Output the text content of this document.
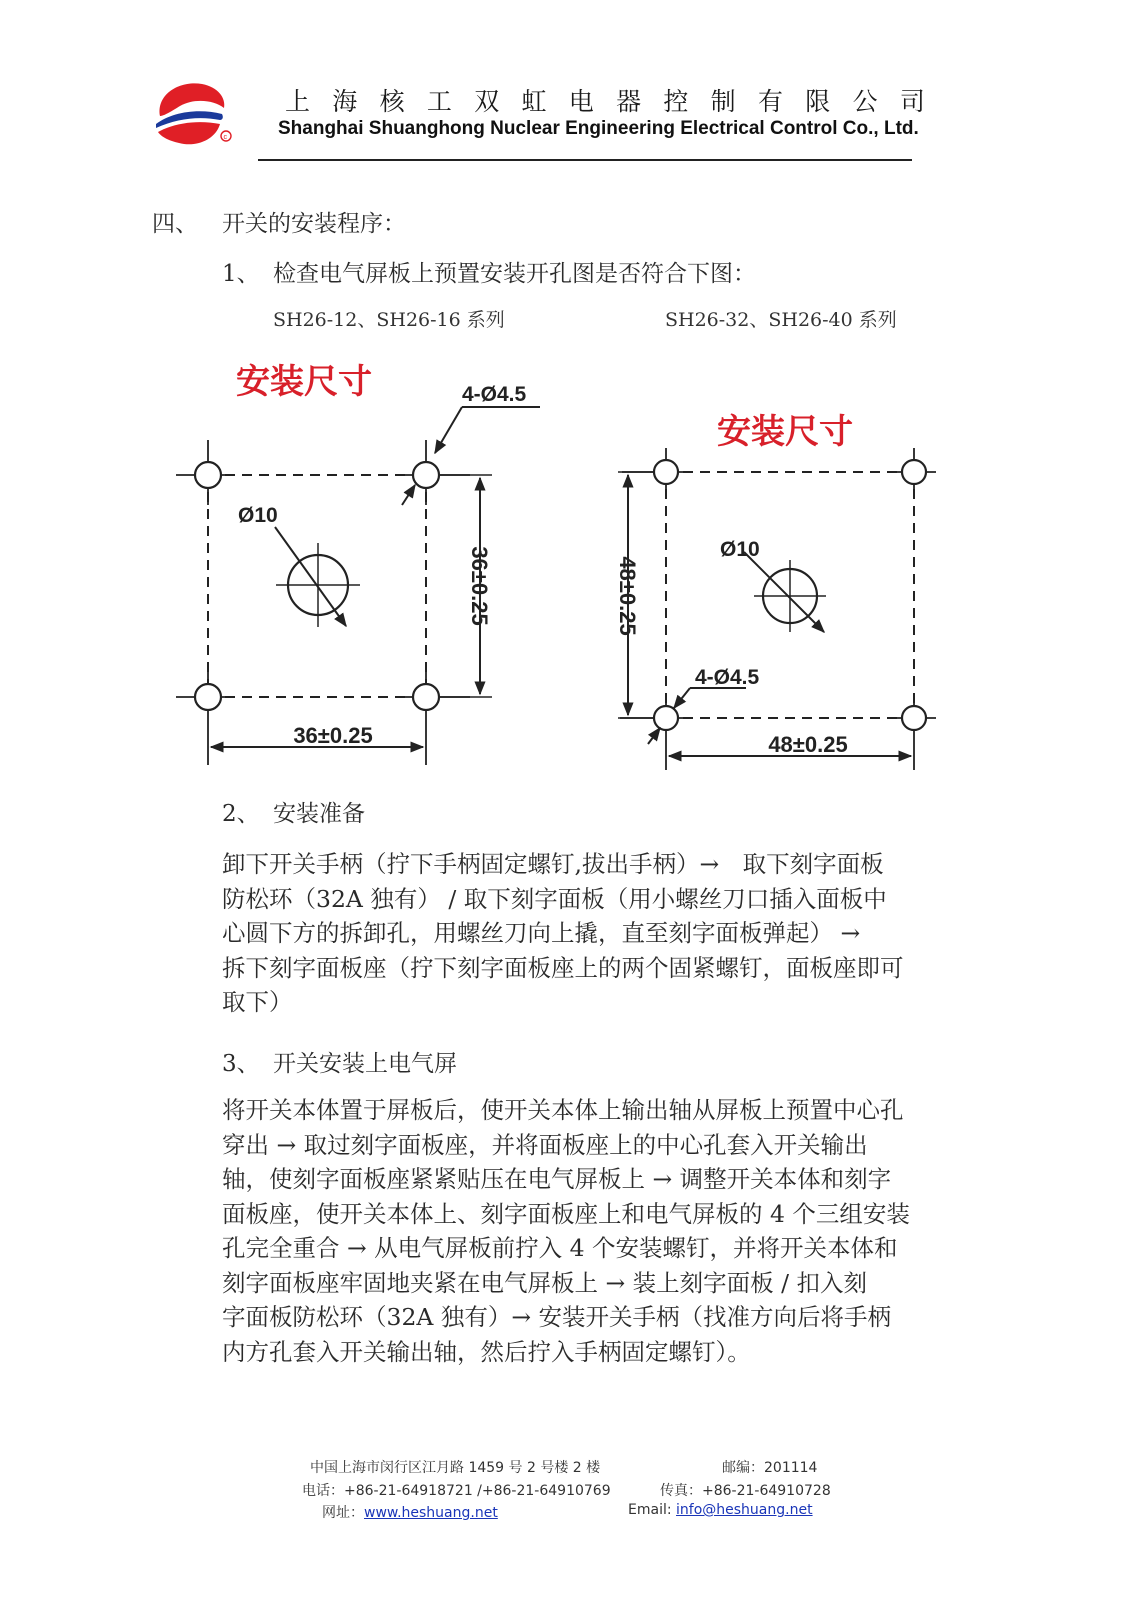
c
上 海 核 工 双 虹 电 器 控 制 有 限 公 司
Shanghai Shuanghong Nuclear Engineering Electrical Control Co., Ltd.
四、 开关的安装程序：
1、 检查电气屏板上预置安装开孔图是否符合下图：
SH26-12、SH26-16 系列	SH26-32、SH26-40 系列
安装尺寸
Ø10
4-Ø4.5
36±0.25
36±0.25
安装尺寸
Ø10
4-Ø4.5
48±0.25
48±0.25
2、 安装准备
卸下开关手柄（拧下手柄固定螺钉,拔出手柄）→　取下刻字面板
防松环（32A 独有） / 取下刻字面板（用小螺丝刀口插入面板中
心圆下方的拆卸孔，用螺丝刀向上撬，直至刻字面板弹起） →
拆下刻字面板座（拧下刻字面板座上的两个固紧螺钉，面板座即可
取下）
3、 开关安装上电气屏
将开关本体置于屏板后，使开关本体上输出轴从屏板上预置中心孔
穿出 → 取过刻字面板座，并将面板座上的中心孔套入开关输出
轴，使刻字面板座紧紧贴压在电气屏板上 → 调整开关本体和刻字
面板座，使开关本体上、刻字面板座上和电气屏板的 4 个三组安装
孔完全重合 → 从电气屏板前拧入 4 个安装螺钉，并将开关本体和
刻字面板座牢固地夹紧在电气屏板上 → 装上刻字面板 / 扣入刻
字面板防松环（32A 独有）→ 安装开关手柄（找准方向后将手柄
内方孔套入开关输出轴，然后拧入手柄固定螺钉）。
中国上海市闵行区江月路 1459 号 2 号楼 2 楼	邮编：201114
电话：+86-21-64918721 /+86-21-64910769	传真：+86-21-64910728
网址：www.heshuang.net	Email: info@heshuang.net
